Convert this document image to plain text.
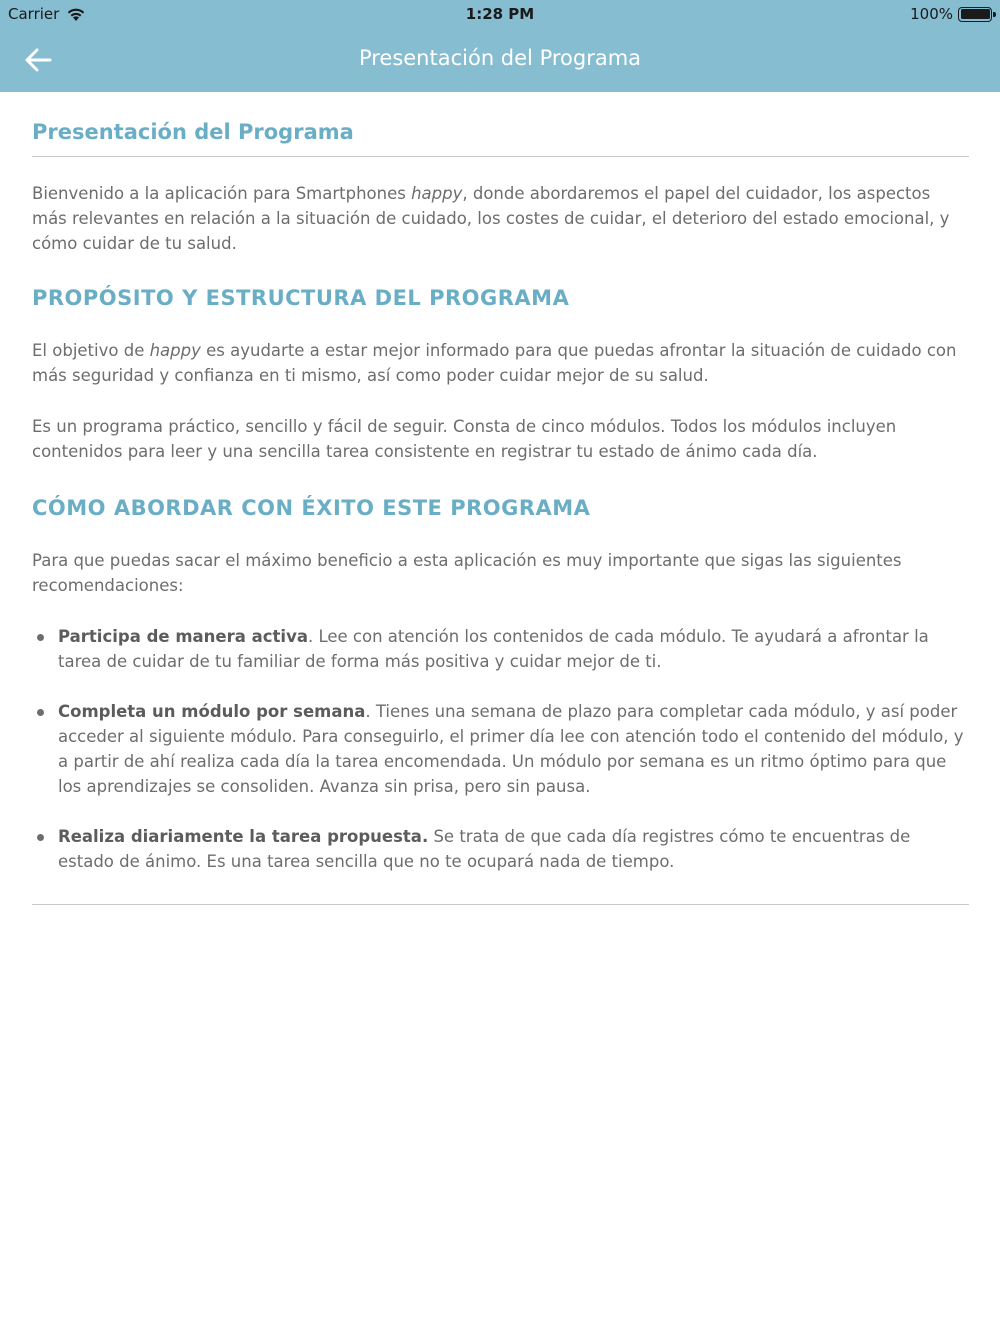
Carrier	1:28 PM	100%
Presentación del Programa
Presentación del Programa

Bienvenido a la aplicación para Smartphones happy, donde abordaremos el papel del cuidador, los aspectos más relevantes en relación a la situación de cuidado, los costes de cuidar, el deterioro del estado emocional, y cómo cuidar de tu salud.

PROPÓSITO Y ESTRUCTURA DEL PROGRAMA

El objetivo de happy es ayudarte a estar mejor informado para que puedas afrontar la situación de cuidado con más seguridad y confianza en ti mismo, así como poder cuidar mejor de su salud.

Es un programa práctico, sencillo y fácil de seguir. Consta de cinco módulos. Todos los módulos incluyen contenidos para leer y una sencilla tarea consistente en registrar tu estado de ánimo cada día.

CÓMO ABORDAR CON ÉXITO ESTE PROGRAMA

Para que puedas sacar el máximo beneficio a esta aplicación es muy importante que sigas las siguientes recomendaciones:

Participa de manera activa. Lee con atención los contenidos de cada módulo. Te ayudará a afrontar la tarea de cuidar de tu familiar de forma más positiva y cuidar mejor de ti.
Completa un módulo por semana. Tienes una semana de plazo para completar cada módulo, y así poder acceder al siguiente módulo. Para conseguirlo, el primer día lee con atención todo el contenido del módulo, y a partir de ahí realiza cada día la tarea encomendada. Un módulo por semana es un ritmo óptimo para que los aprendizajes se consoliden. Avanza sin prisa, pero sin pausa.
Realiza diariamente la tarea propuesta. Se trata de que cada día registres cómo te encuentras de estado de ánimo. Es una tarea sencilla que no te ocupará nada de tiempo.
